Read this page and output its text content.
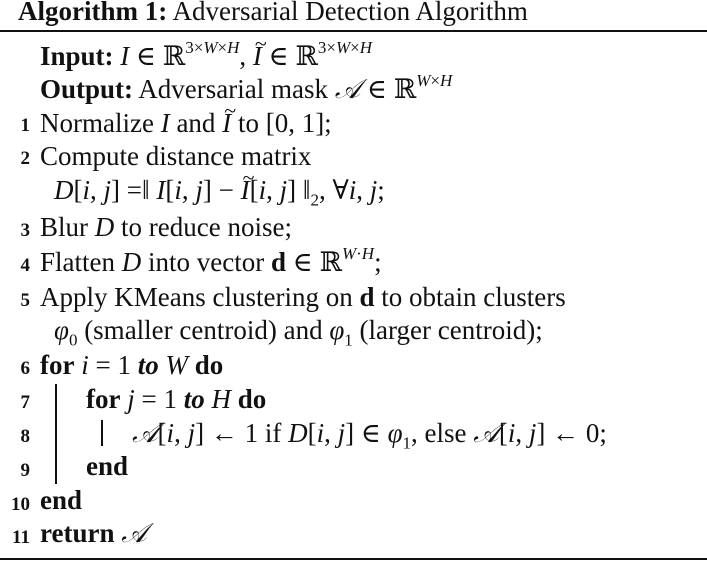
Algorithm 1: Adversarial Detection Algorithm
Input: I ∈ ℝ$^{3\times W\times H}$, ~ I ∈ ℝ$^{3\times W\times H}$
Output: Adversarial mask 𝒜 ∈ ℝ$^{W\times H}$
1 Normalize I and ~ I to [0, 1];
2 Compute distance matrix
D[i, j] =‖ I[i, j] − ~ I[i, j] $‖_2$, ∀i, j;
3 Blur D to reduce noise;
4 Flatten D into vector d ∈ ℝ$^{W\cdot H}$;
5 Apply KMeans clustering on d to obtain clusters
$\varphi_0$ (smaller centroid) and $\varphi_1$ (larger centroid);
6 for i = 1 to W do
7 for j = 1 to H do
8	𝒜[i, j] ← 1 if D[i, j] ∈ $\varphi_1$, else 𝒜[i, j] ← 0;
9 end
10 end
11 return 𝒜
